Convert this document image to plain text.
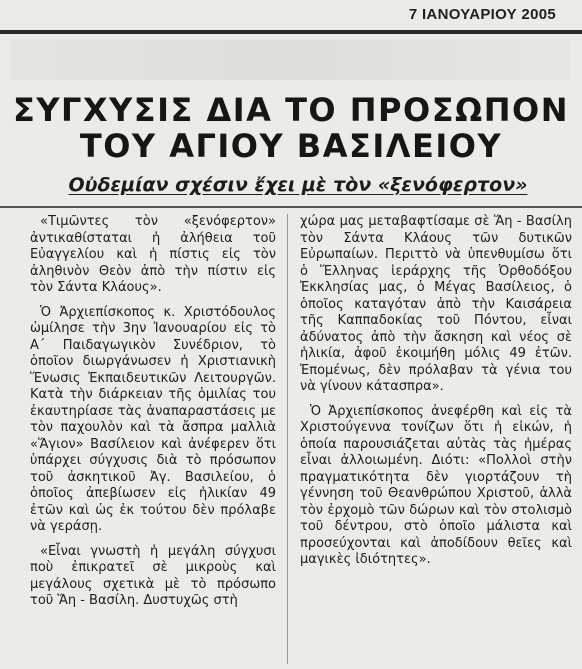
7 ΙΑΝΟΥΑΡΙΟΥ 2005
ΣΥΓΧΥΣΙΣ ΔΙΑ ΤΟ ΠΡΟΣΩΠΟΝ
ΤΟΥ ΑΓΙΟΥ ΒΑΣΙΛΕΙΟΥ
Οὐδεμίαν σχέσιν ἔχει μὲ τὸν «ξενόφερτον»

«Τιμῶντες τὸν «ξενόφερτον» ἀντικαθίσταται ἡ ἀλήθεια τοῦ Εὐαγγελίου καὶ ἡ πίστις εἰς τὸν ἀληθινὸν Θεὸν ἀπὸ τὴν πίστιν εἰς τὸν Σάντα Κλάους».

Ὁ Ἀρχιεπίσκοπος κ. Χριστόδουλος ὡμίλησε τὴν 3ην Ἰανουαρίου εἰς τὸ Α΄ Παιδαγωγικὸν Συνέδριον, τὸ ὁποῖον διωργάνωσεν ἡ Χριστιανικὴ Ἕνωσις Ἐκπαιδευτικῶν Λειτουργῶν. Κατὰ τὴν διάρκειαν τῆς ὁμιλίας του ἐκαυτηρίασε τὰς ἀναπαραστάσεις με τὸν παχουλὸν καὶ τὰ ἄσπρα μαλλιὰ «Ἅγιον» Βασίλειον καὶ ἀνέφερεν ὅτι ὑπάρχει σύγχυσις διὰ τὸ πρόσωπον τοῦ ἀσκητικοῦ Ἀγ. Βασιλείου, ὁ ὁποῖος ἀπεβίωσεν εἰς ἡλικίαν 49 ἐτῶν καὶ ὡς ἐκ τούτου δὲν πρόλαβε νὰ γεράσῃ.

«Εἶναι γνωστὴ ἡ μεγάλη σύγχυσι ποὺ ἐπικρατεῖ σὲ μικροὺς καὶ μεγάλους σχετικὰ μὲ τὸ πρόσωπο τοῦ Ἅη - Βασίλη. Δυστυχῶς στὴ

χώρα μας μεταβαφτίσαμε σὲ Ἅη - Βασίλη τὸν Σάντα Κλάους τῶν δυτικῶν Εὐρωπαίων. Περιττὸ νὰ ὑπενθυμίσω ὅτι ὁ Ἕλληνας ἱεράρχης τῆς Ὀρθοδόξου Ἐκκλησίας μας, ὁ Μέγας Βασίλειος, ὁ ὁποῖος καταγόταν ἀπὸ τὴν Καισάρεια τῆς Καππαδοκίας τοῦ Πόντου, εἶναι ἀδύνατος ἀπὸ τὴν ἄσκηση καὶ νέος σὲ ἡλικία, ἀφοῦ ἐκοιμήθη μόλις 49 ἐτῶν. Ἑπομένως, δὲν πρόλαβαν τὰ γένια του νὰ γίνουν κάτασπρα».

Ὁ Ἀρχιεπίσκοπος ἀνεφέρθη καὶ εἰς τὰ Χριστούγεννα τονίζων ὅτι ἡ εἰκών, ἡ ὁποία παρουσιάζεται αὐτὰς τὰς ἡμέρας εἶναι ἀλλοιωμένη. Διότι: «Πολλοὶ στὴν πραγματικότητα δὲν γιορτάζουν τὴ γέννηση τοῦ Θεανθρώπου Χριστοῦ, ἀλλὰ τὸν ἐρχομὸ τῶν δώρων καὶ τὸν στολισμὸ τοῦ δέντρου, στὸ ὁποῖο μάλιστα καὶ προσεύχονται καὶ ἀποδίδουν θεῖες καὶ μαγικὲς ἰδιότητες».
